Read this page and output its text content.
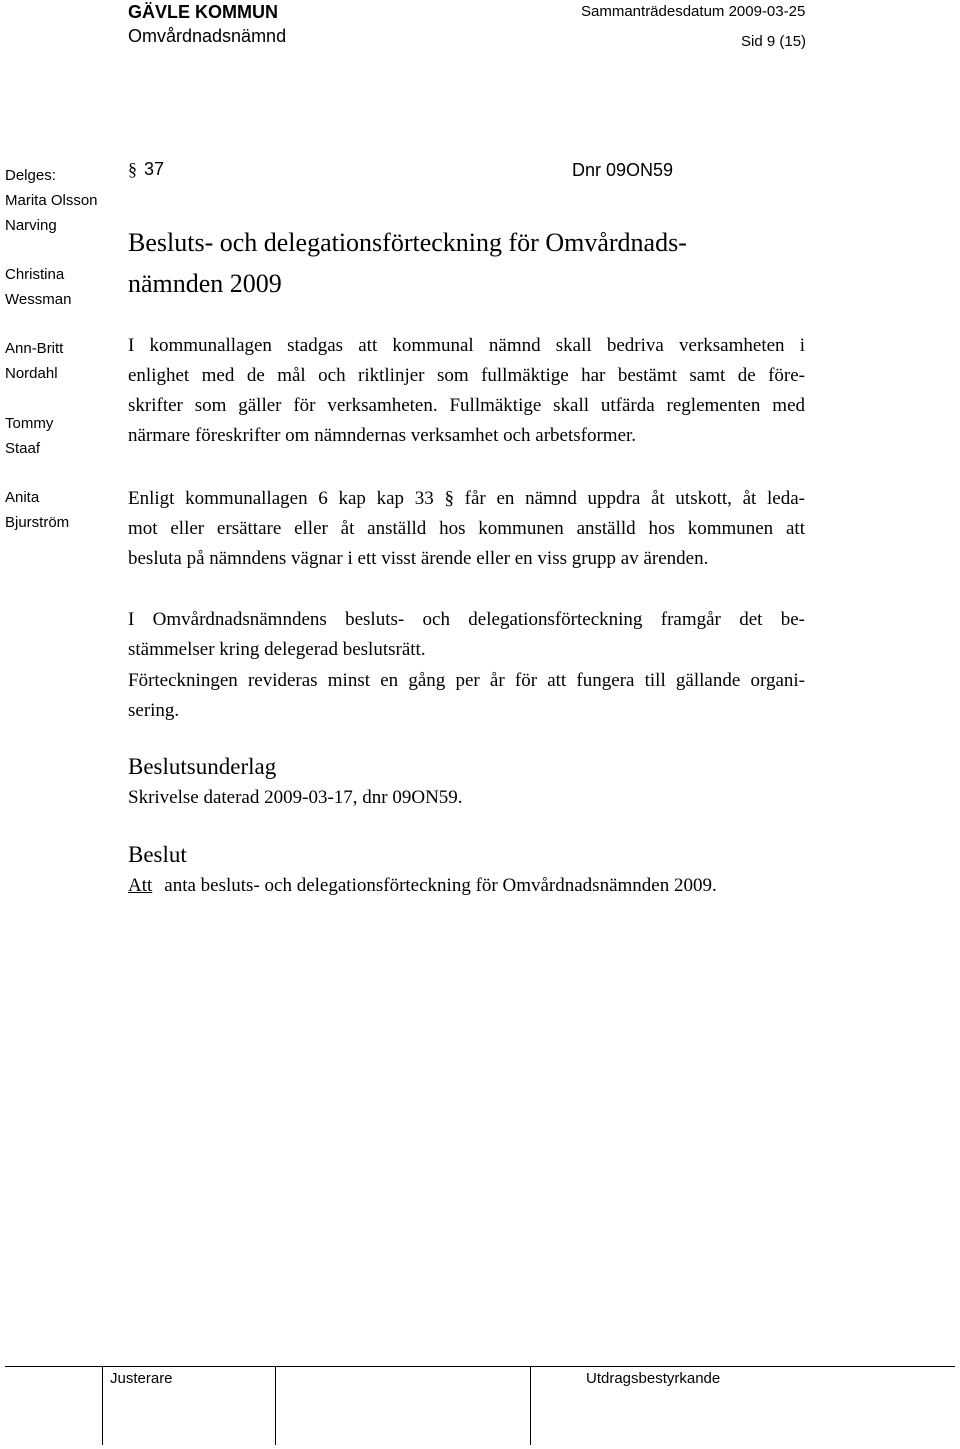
GÄVLE KOMMUN
Omvårdnadsnämnd
Sammanträdesdatum 2009-03-25
Sid 9 (15)
Delges:
Marita Olsson
Narving
Christina
Wessman
Ann-Britt
Nordahl
Tommy
Staaf
Anita
Bjurström
§ 37	Dnr 09ON59
Besluts- och delegationsförteckning för Omvårdnads-
nämnden 2009
I kommunallagen stadgas att kommunal nämnd skall bedriva verksamheten i
enlighet med de mål och riktlinjer som fullmäktige har bestämt samt de före-
skrifter som gäller för verksamheten. Fullmäktige skall utfärda reglementen med
närmare föreskrifter om nämndernas verksamhet och arbetsformer.
Enligt kommunallagen 6 kap kap 33 § får en nämnd uppdra åt utskott, åt leda-
mot eller ersättare eller åt anställd hos kommunen anställd hos kommunen att
besluta på nämndens vägnar i ett visst ärende eller en viss grupp av ärenden.
I Omvårdnadsnämndens besluts- och delegationsförteckning framgår det be-
stämmelser kring delegerad beslutsrätt.
Förteckningen revideras minst en gång per år för att fungera till gällande organi-
sering.
Beslutsunderlag
Skrivelse daterad 2009-03-17, dnr 09ON59.
Beslut
Att anta besluts- och delegationsförteckning för Omvårdnadsnämnden 2009.
Justerare	Utdragsbestyrkande
